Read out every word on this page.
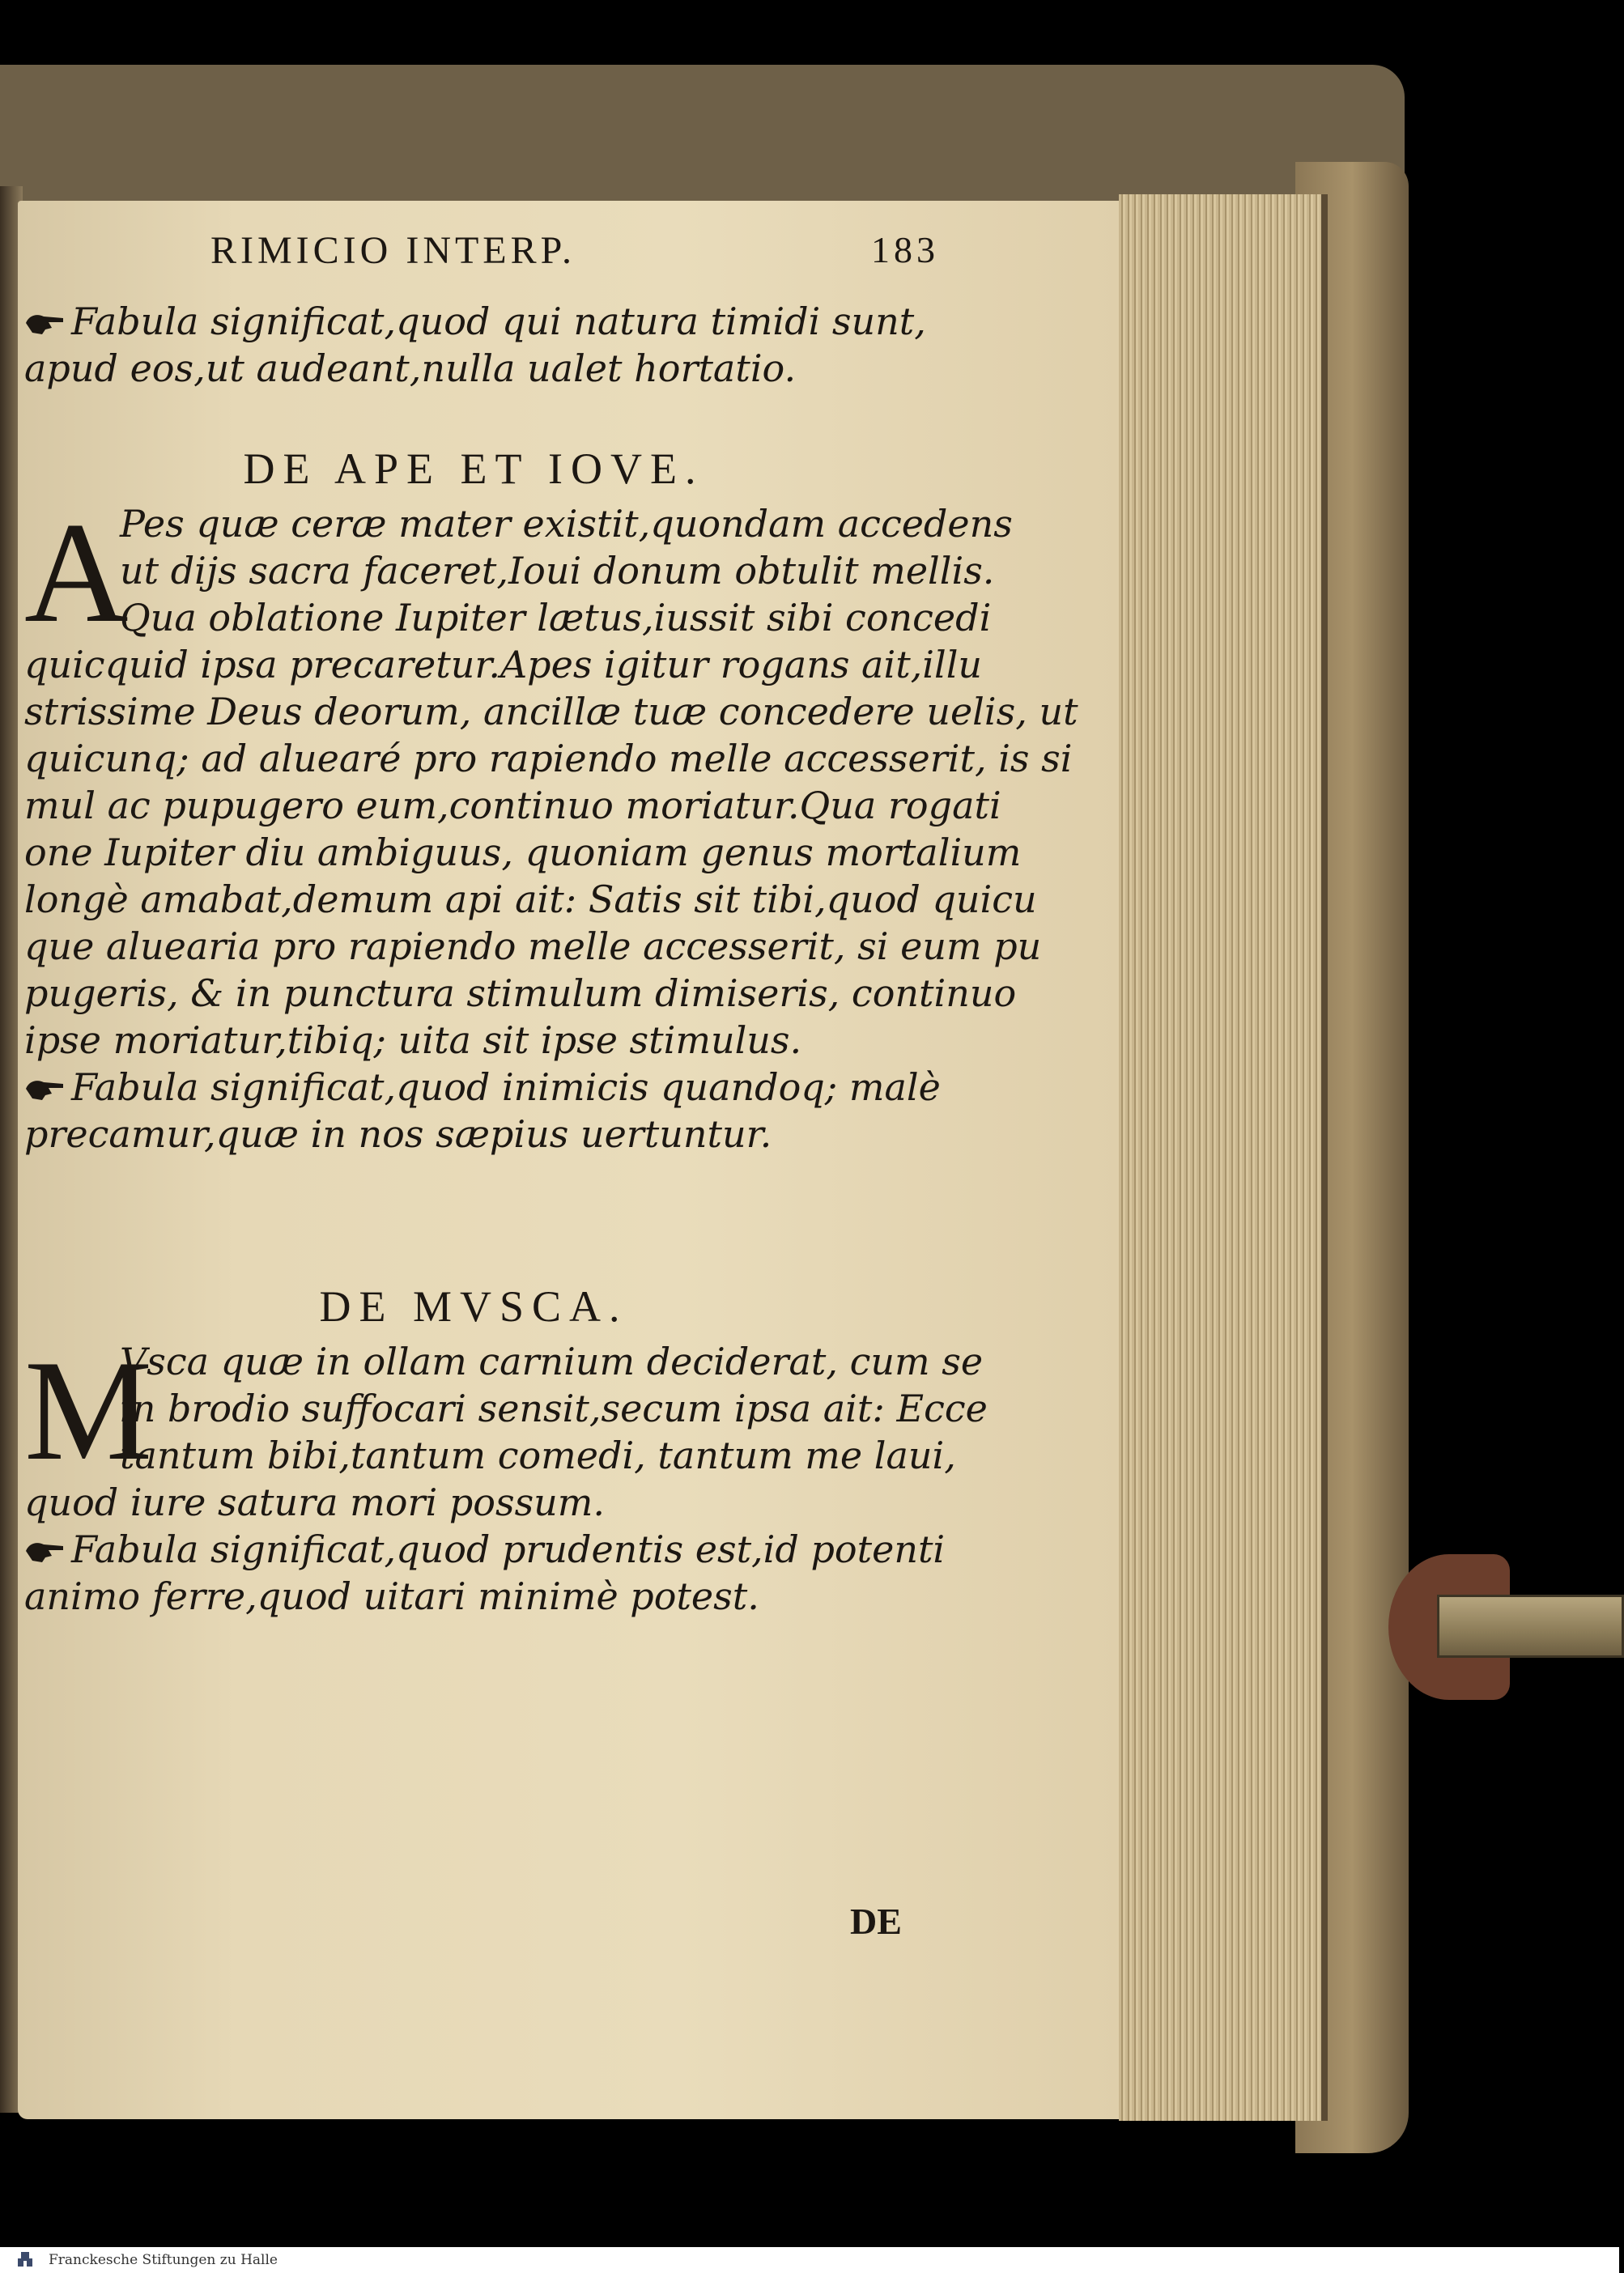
RIMICIO INTERP.	183
Fabula significat,quod qui natura timidi sunt,
apud eos,ut audeant,nulla ualet hortatio.
DE APE ET IOVE.
A
Pes quæ ceræ mater existit,quondam accedens
ut dijs sacra faceret,Ioui donum obtulit mellis.
Qua oblatione Iupiter lætus,iussit sibi concedi
quicquid ipsa precaretur.Apes igitur rogans ait,illu
strissime Deus deorum, ancillæ tuæ concedere uelis, ut
quicunq; ad aluearé pro rapiendo melle accesserit, is si
mul ac pupugero eum,continuo moriatur.Qua rogati
one Iupiter diu ambiguus, quoniam genus mortalium
longè amabat,demum api ait: Satis sit tibi,quod quicu
que aluearia pro rapiendo melle accesserit, si eum pu
pugeris, & in punctura stimulum dimiseris, continuo
ipse moriatur,tibiq; uita sit ipse stimulus.
Fabula significat,quod inimicis quandoq; malè
precamur,quæ in nos sæpius uertuntur.
DE MVSCA.
M
Vsca quæ in ollam carnium deciderat, cum se
in brodio suffocari sensit,secum ipsa ait: Ecce
tantum bibi,tantum comedi, tantum me laui,
quod iure satura mori possum.
Fabula significat,quod prudentis est,id potenti
animo ferre,quod uitari minimè potest.
DE
Franckesche Stiftungen zu Halle
